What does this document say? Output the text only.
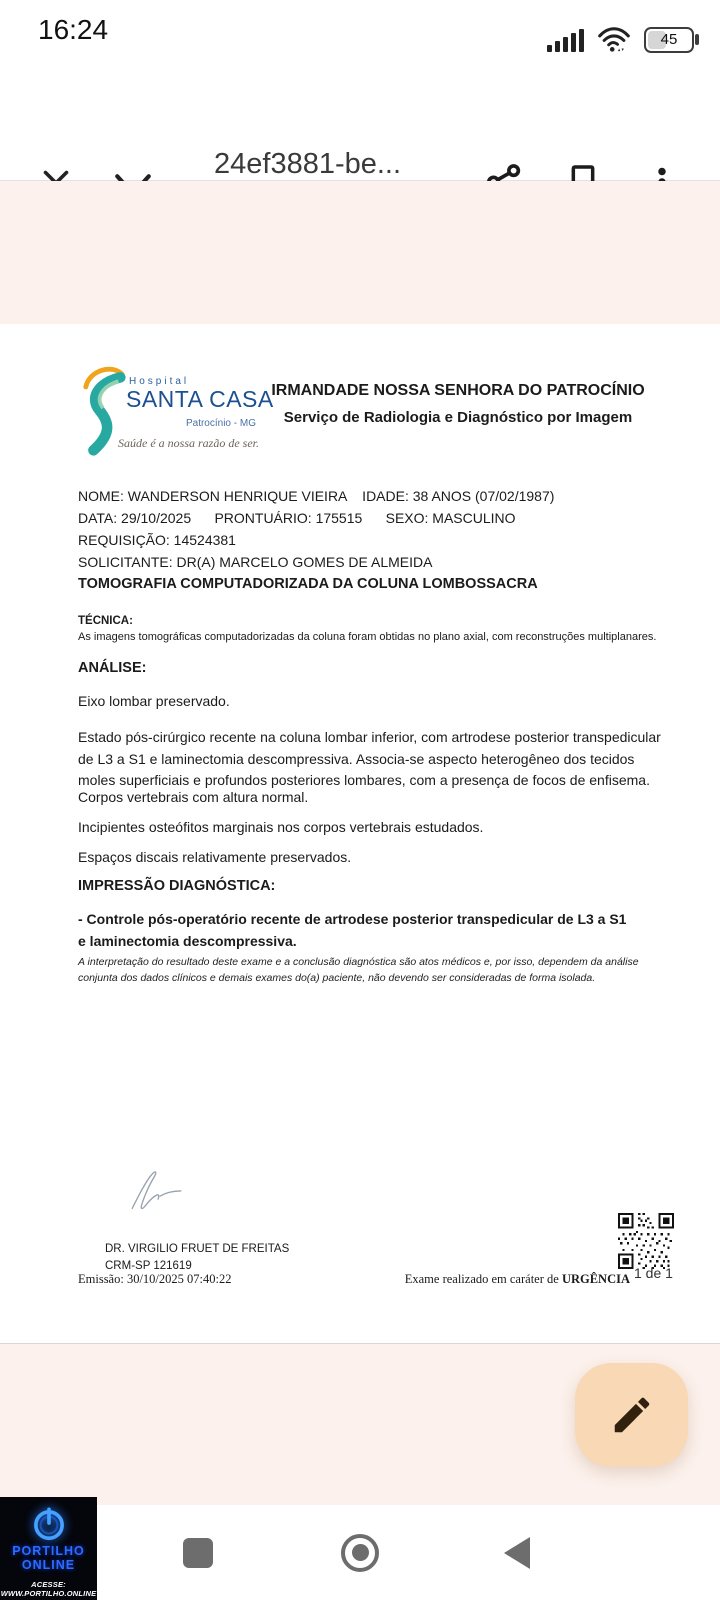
16:24	45
24ef3881-be...
Hospital
SANTA CASA
Patrocínio - MG
Saúde é a nossa razão de ser.
IRMANDADE NOSSA SENHORA DO PATROCÍNIO
Serviço de Radiologia e Diagnóstico por Imagem
NOME: WANDERSON HENRIQUE VIEIRA    IDADE: 38 ANOS (07/02/1987)
DATA: 29/10/2025      PRONTUÁRIO: 175515      SEXO: MASCULINO
REQUISIÇÃO: 14524381
SOLICITANTE: DR(A) MARCELO GOMES DE ALMEIDA
TOMOGRAFIA COMPUTADORIZADA DA COLUNA LOMBOSSACRA
TÉCNICA:
As imagens tomográficas computadorizadas da coluna foram obtidas no plano axial, com reconstruções multiplanares.
ANÁLISE:
Eixo lombar preservado.
Estado pós-cirúrgico recente na coluna lombar inferior, com artrodese posterior transpedicular de L3 a S1 e laminectomia descompressiva. Associa-se aspecto heterogêneo dos tecidos moles superficiais e profundos posteriores lombares, com a presença de focos de enfisema.
Corpos vertebrais com altura normal.
Incipientes osteófitos marginais nos corpos vertebrais estudados.
Espaços discais relativamente preservados.
IMPRESSÃO DIAGNÓSTICA:
- Controle pós-operatório recente de artrodese posterior transpedicular de L3 a S1 e laminectomia descompressiva.
A interpretação do resultado deste exame e a conclusão diagnóstica são atos médicos e, por isso, dependem da análise conjunta dos dados clínicos e demais exames do(a) paciente, não devendo ser consideradas de forma isolada.
DR. VIRGILIO FRUET DE FREITAS
CRM-SP 121619	1 de 1
Emissão: 30/10/2025 07:40:22	Exame realizado em caráter de URGÊNCIA
PORTILHO
ONLINE
ACESSE: WWW.PORTILHO.ONLINE
